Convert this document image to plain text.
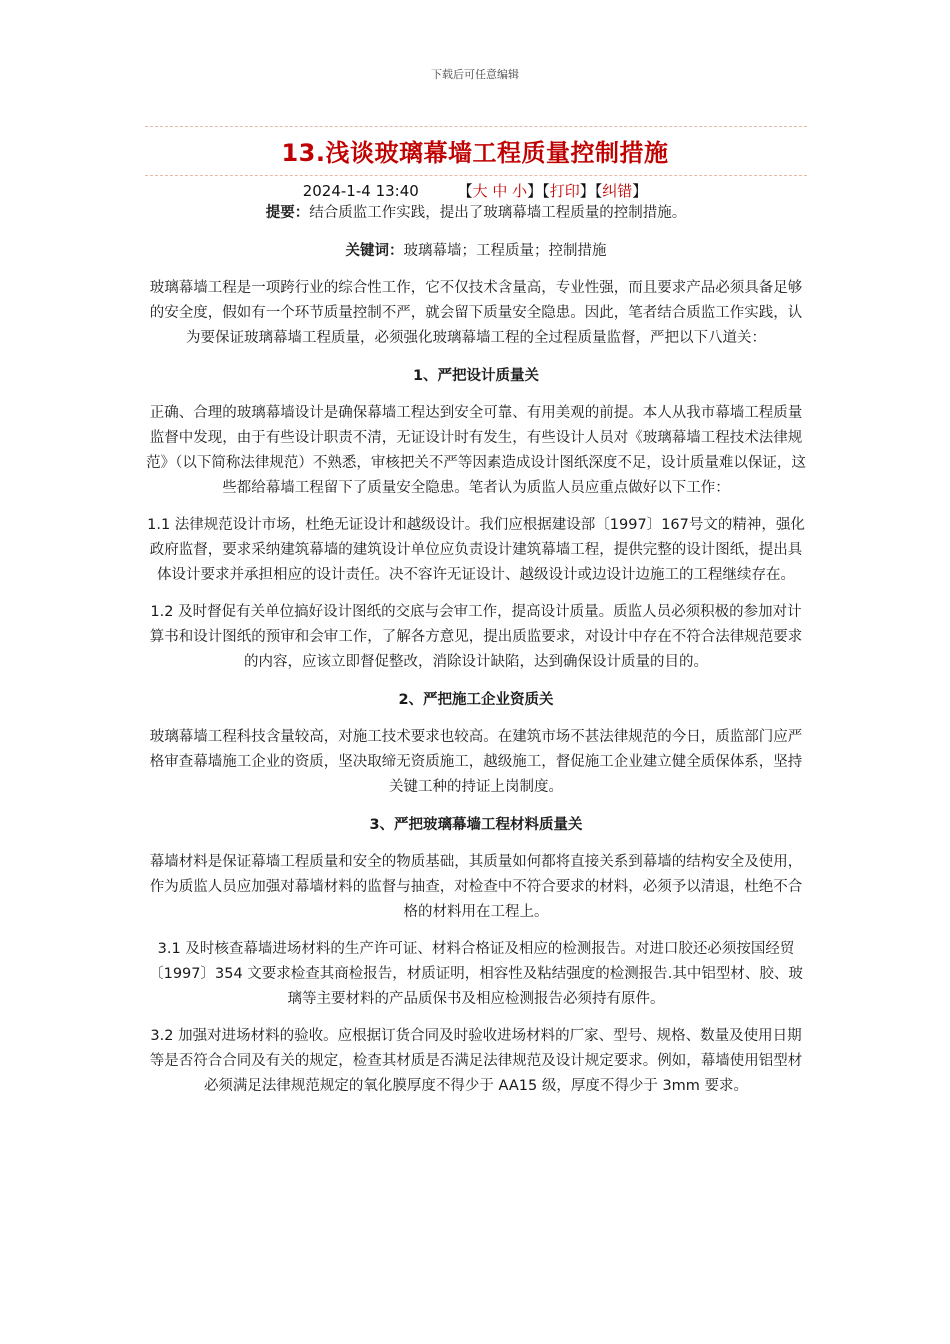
下载后可任意编辑
13.浅谈玻璃幕墙工程质量控制措施
2024-1-4 13:40	【大 中 小】【打印】【纠错】

提要：结合质监工作实践，提出了玻璃幕墙工程质量的控制措施。

关键词：玻璃幕墙；工程质量；控制措施

玻璃幕墙工程是一项跨行业的综合性工作，它不仅技术含量高，专业性强，而且要求产品必须具备足够的安全度，假如有一个环节质量控制不严，就会留下质量安全隐患。因此，笔者结合质监工作实践，认为要保证玻璃幕墙工程质量，必须强化玻璃幕墙工程的全过程质量监督，严把以下八道关：

1、严把设计质量关

正确、合理的玻璃幕墙设计是确保幕墙工程达到安全可靠、有用美观的前提。本人从我市幕墙工程质量监督中发现，由于有些设计职责不清，无证设计时有发生，有些设计人员对《玻璃幕墙工程技术法律规范》（以下简称法律规范）不熟悉，审核把关不严等因素造成设计图纸深度不足，设计质量难以保证，这些都给幕墙工程留下了质量安全隐患。笔者认为质监人员应重点做好以下工作：

1.1 法律规范设计市场，杜绝无证设计和越级设计。我们应根据建设部〔1997〕167号文的精神，强化政府监督，要求采纳建筑幕墙的建筑设计单位应负责设计建筑幕墙工程，提供完整的设计图纸，提出具体设计要求并承担相应的设计责任。决不容许无证设计、越级设计或边设计边施工的工程继续存在。

1.2 及时督促有关单位搞好设计图纸的交底与会审工作，提高设计质量。质监人员必须积极的参加对计算书和设计图纸的预审和会审工作，了解各方意见，提出质监要求，对设计中存在不符合法律规范要求的内容，应该立即督促整改，消除设计缺陷，达到确保设计质量的目的。

2、严把施工企业资质关

玻璃幕墙工程科技含量较高，对施工技术要求也较高。在建筑市场不甚法律规范的今日，质监部门应严格审查幕墙施工企业的资质，坚决取缔无资质施工，越级施工，督促施工企业建立健全质保体系，坚持关键工种的持证上岗制度。

3、严把玻璃幕墙工程材料质量关

幕墙材料是保证幕墙工程质量和安全的物质基础，其质量如何都将直接关系到幕墙的结构安全及使用，作为质监人员应加强对幕墙材料的监督与抽查，对检查中不符合要求的材料，必须予以清退，杜绝不合格的材料用在工程上。

3.1 及时核查幕墙进场材料的生产许可证、材料合格证及相应的检测报告。对进口胶还必须按国经贸〔1997〕354 文要求检查其商检报告，材质证明，相容性及粘结强度的检测报告.其中铝型材、胶、玻璃等主要材料的产品质保书及相应检测报告必须持有原件。

3.2 加强对进场材料的验收。应根据订货合同及时验收进场材料的厂家、型号、规格、数量及使用日期等是否符合合同及有关的规定，检查其材质是否满足法律规范及设计规定要求。例如，幕墙使用铝型材必须满足法律规范规定的氧化膜厚度不得少于 AA15 级，厚度不得少于 3mm 要求。
